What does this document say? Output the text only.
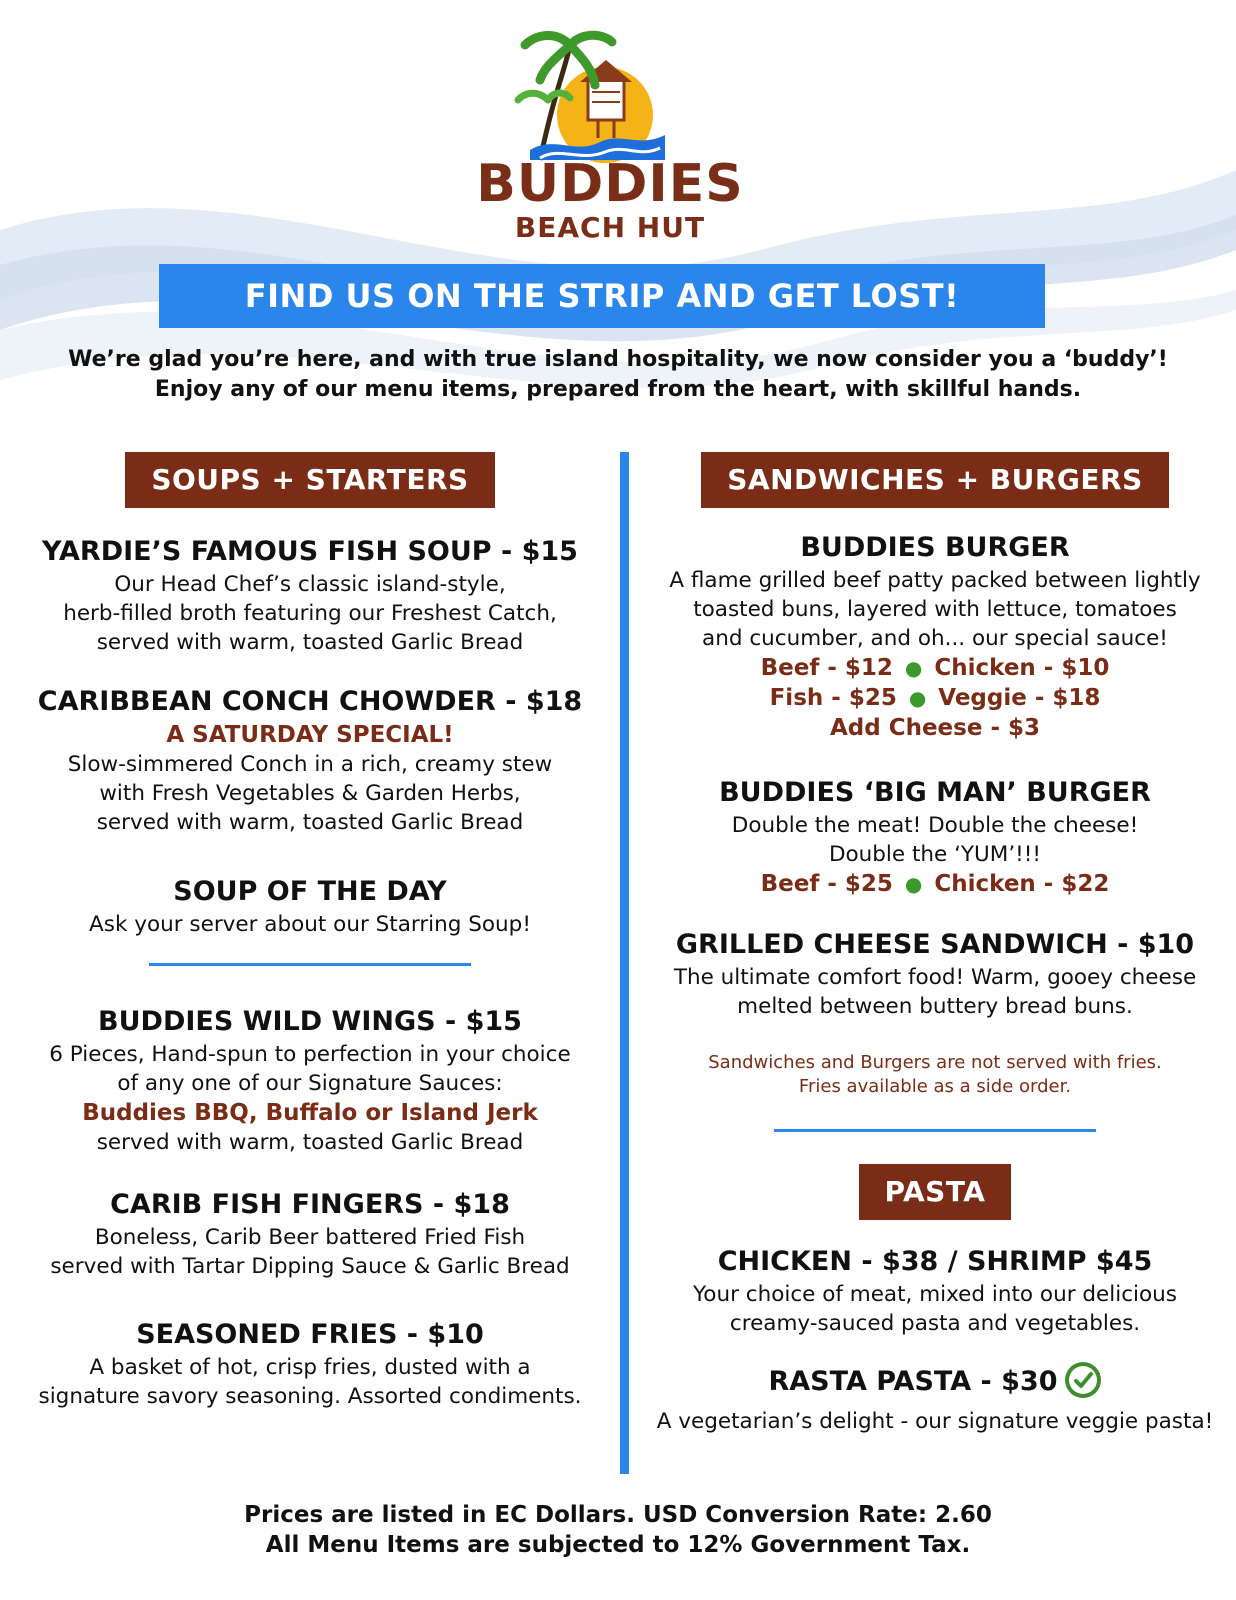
BUDDIES
BEACH HUT
FIND US ON THE STRIP AND GET LOST!
We’re glad you’re here, and with true island hospitality, we now consider you a ‘buddy’!
Enjoy any of our menu items, prepared from the heart, with skillful hands.
SOUPS + STARTERS
YARDIE’S FAMOUS FISH SOUP - $15
Our Head Chef’s classic island-style,
herb-filled broth featuring our Freshest Catch,
served with warm, toasted Garlic Bread
CARIBBEAN CONCH CHOWDER - $18
A SATURDAY SPECIAL!
Slow-simmered Conch in a rich, creamy stew
with Fresh Vegetables & Garden Herbs,
served with warm, toasted Garlic Bread
SOUP OF THE DAY
Ask your server about our Starring Soup!
BUDDIES WILD WINGS - $15
6 Pieces, Hand-spun to perfection in your choice
of any one of our Signature Sauces:
Buddies BBQ, Buffalo or Island Jerk
served with warm, toasted Garlic Bread
CARIB FISH FINGERS - $18
Boneless, Carib Beer battered Fried Fish
served with Tartar Dipping Sauce & Garlic Bread
SEASONED FRIES - $10
A basket of hot, crisp fries, dusted with a
signature savory seasoning. Assorted condiments.
SANDWICHES + BURGERS
BUDDIES BURGER
A flame grilled beef patty packed between lightly
toasted buns, layered with lettuce, tomatoes
and cucumber, and oh... our special sauce!
Beef - $12 ● Chicken - $10
Fish - $25 ● Veggie - $18
Add Cheese - $3
BUDDIES ‘BIG MAN’ BURGER
Double the meat! Double the cheese!
Double the ‘YUM’!!!
Beef - $25 ● Chicken - $22
GRILLED CHEESE SANDWICH - $10
The ultimate comfort food! Warm, gooey cheese
melted between buttery bread buns.
Sandwiches and Burgers are not served with fries.
Fries available as a side order.
PASTA
CHICKEN - $38 / SHRIMP $45
Your choice of meat, mixed into our delicious
creamy-sauced pasta and vegetables.
RASTA PASTA - $30
A vegetarian’s delight - our signature veggie pasta!
Prices are listed in EC Dollars. USD Conversion Rate: 2.60
All Menu Items are subjected to 12% Government Tax.
